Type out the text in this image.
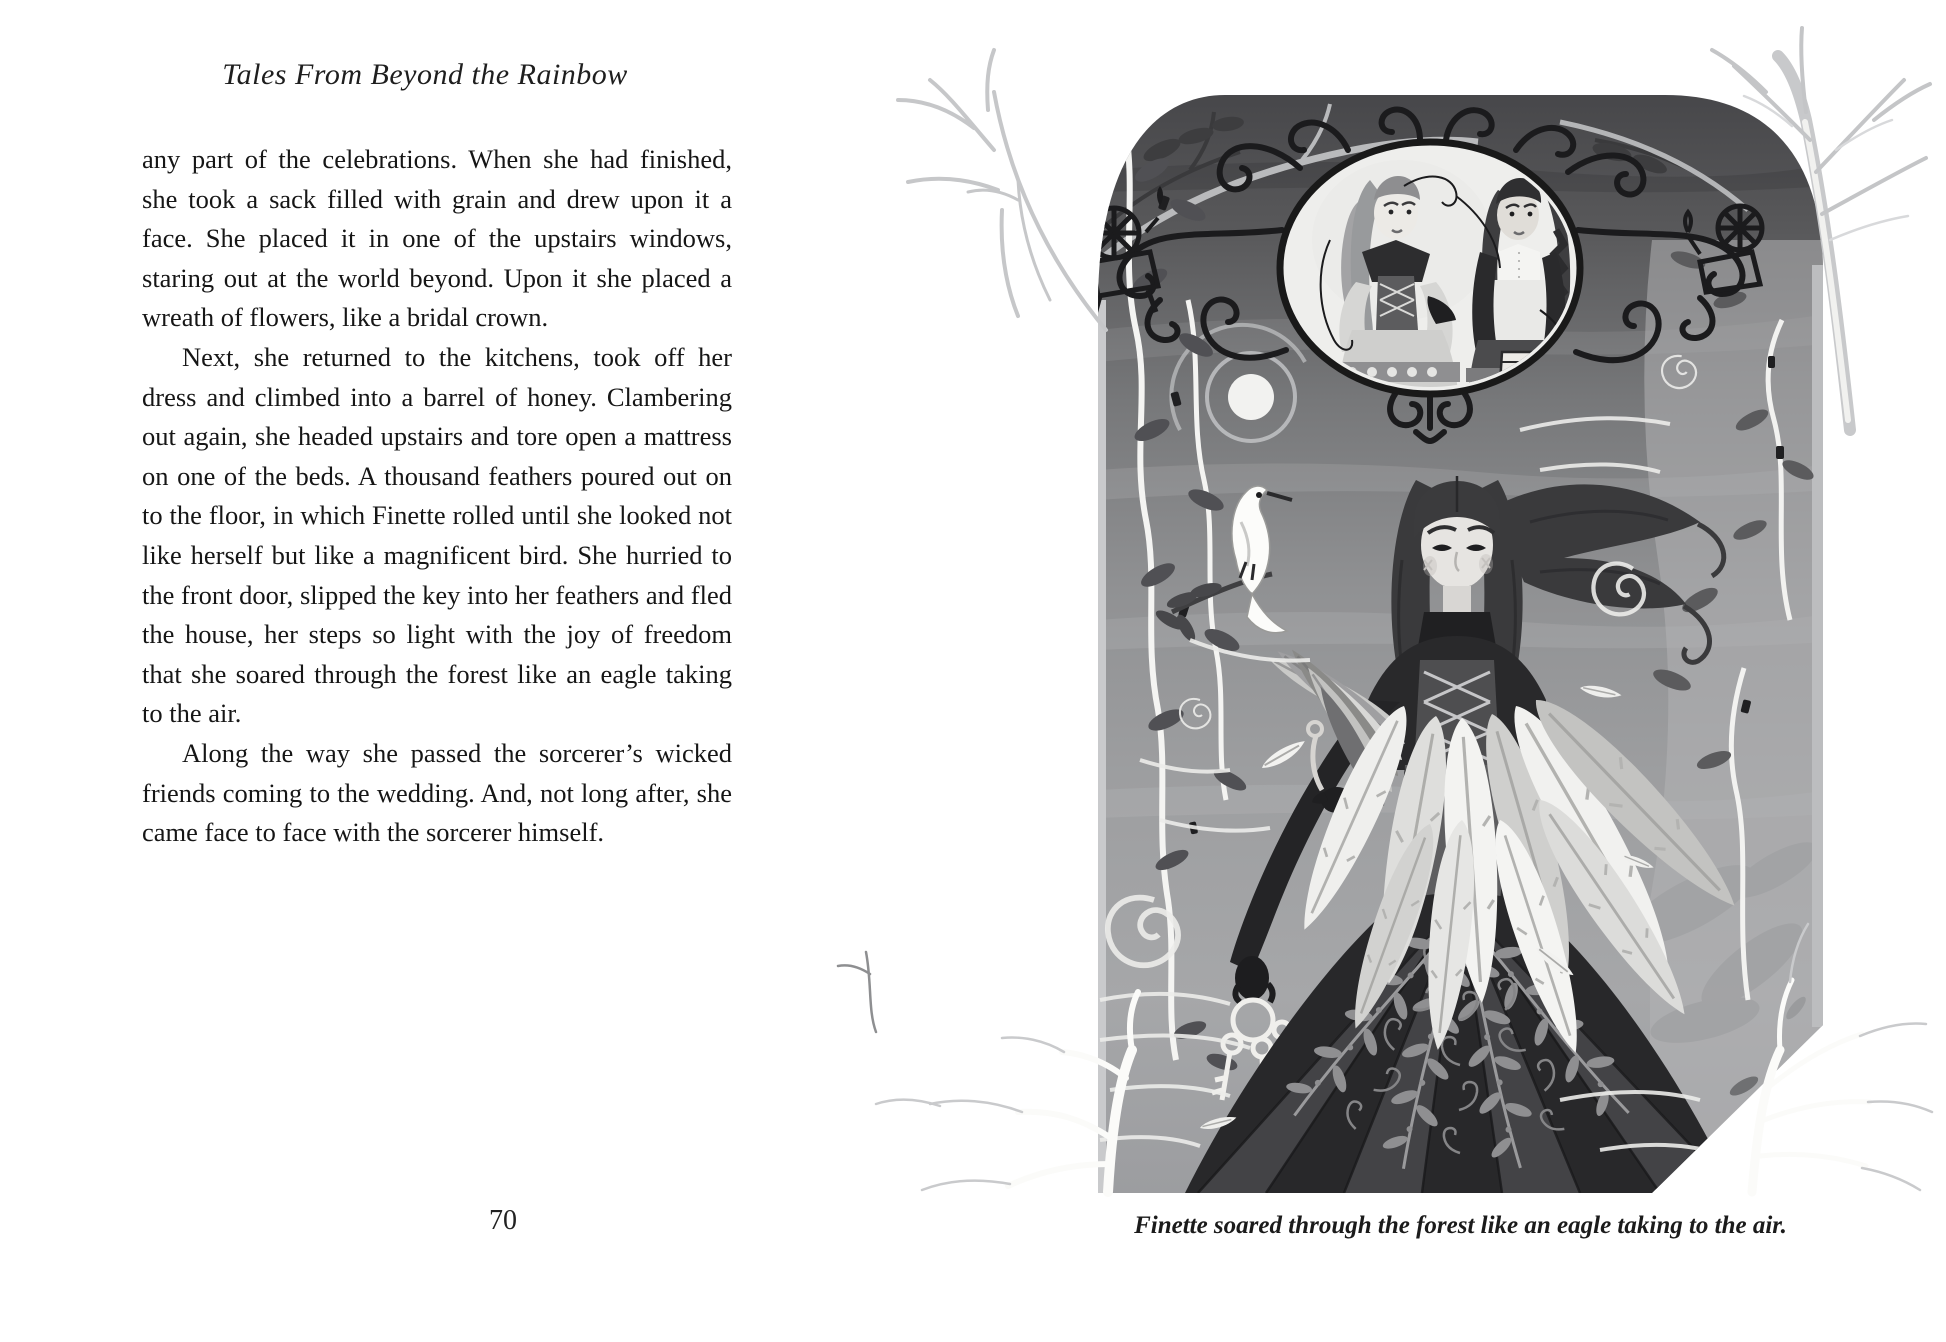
Tales From Beyond the Rainbow

any part of the celebrations. When she had finished, she took a sack filled with grain and drew upon it a face. She placed it in one of the upstairs windows, staring out at the world beyond. Upon it she placed a wreath of flowers, like a bridal crown.

Next, she returned to the kitchens, took off her dress and climbed into a barrel of honey. Clambering out again, she headed upstairs and tore open a mattress on one of the beds. A thousand feathers poured out on to the floor, in which Finette rolled until she looked not like herself but like a magnificent bird. She hurried to the front door, slipped the key into her feathers and fled the house, her steps so light with the joy of freedom that she soared through the forest like an eagle taking to the air.

Along the way she passed the sorcerer’s wicked friends coming to the wedding. And, not long after, she came face to face with the sorcerer himself.

70	Finette soared through the forest like an eagle taking to the air.
